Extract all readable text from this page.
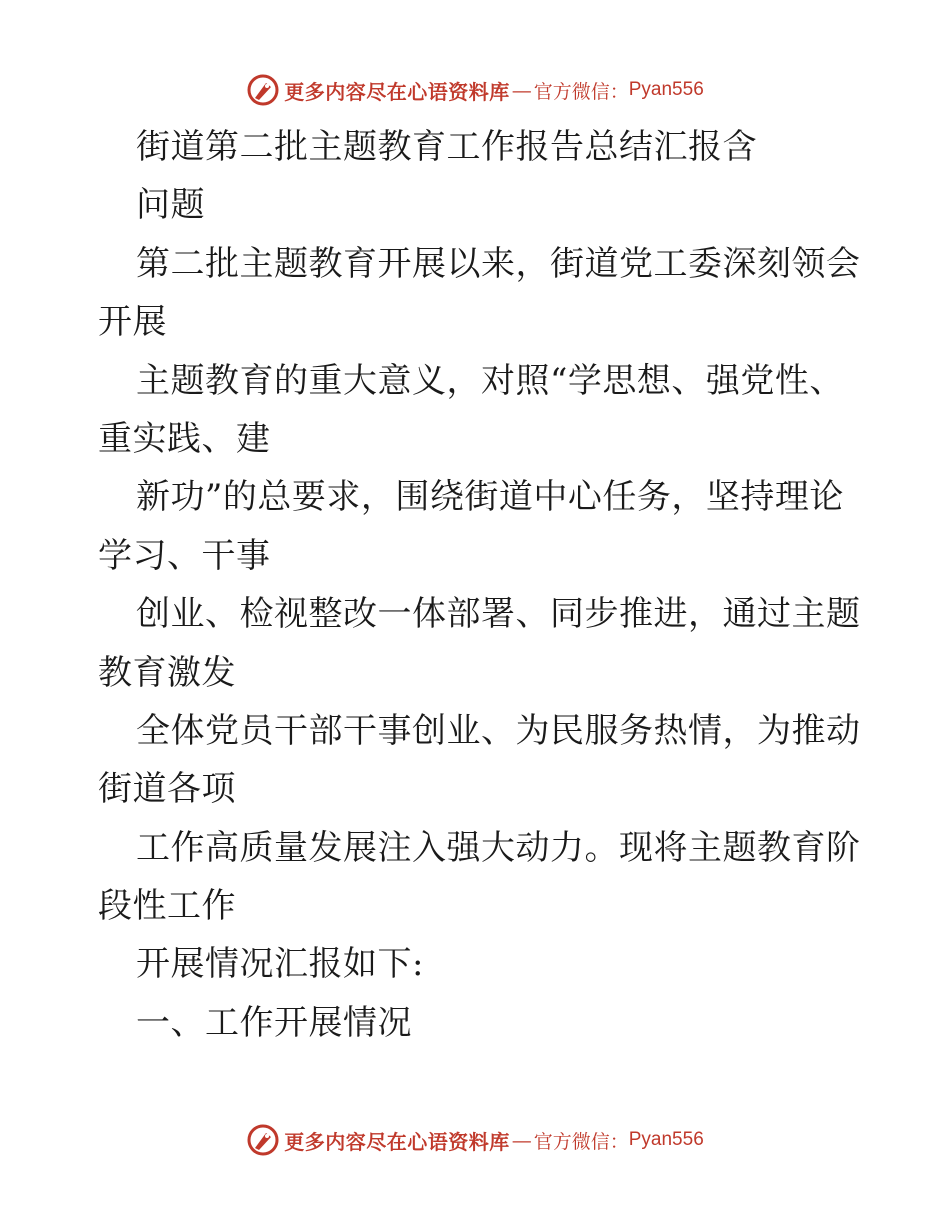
更多内容尽在心语资料库 — 官方微信： Pyan556
街道第二批主题教育工作报告总结汇报含
问题
第二批主题教育开展以来，街道党工委深刻领会
开展
主题教育的重大意义，对照“学思想、强党性、
重实践、建
新功”的总要求，围绕街道中心任务，坚持理论
学习、干事
创业、检视整改一体部署、同步推进，通过主题
教育激发
全体党员干部干事创业、为民服务热情，为推动
街道各项
工作高质量发展注入强大动力。现将主题教育阶
段性工作
开展情况汇报如下:
一、工作开展情况
更多内容尽在心语资料库 — 官方微信： Pyan556
